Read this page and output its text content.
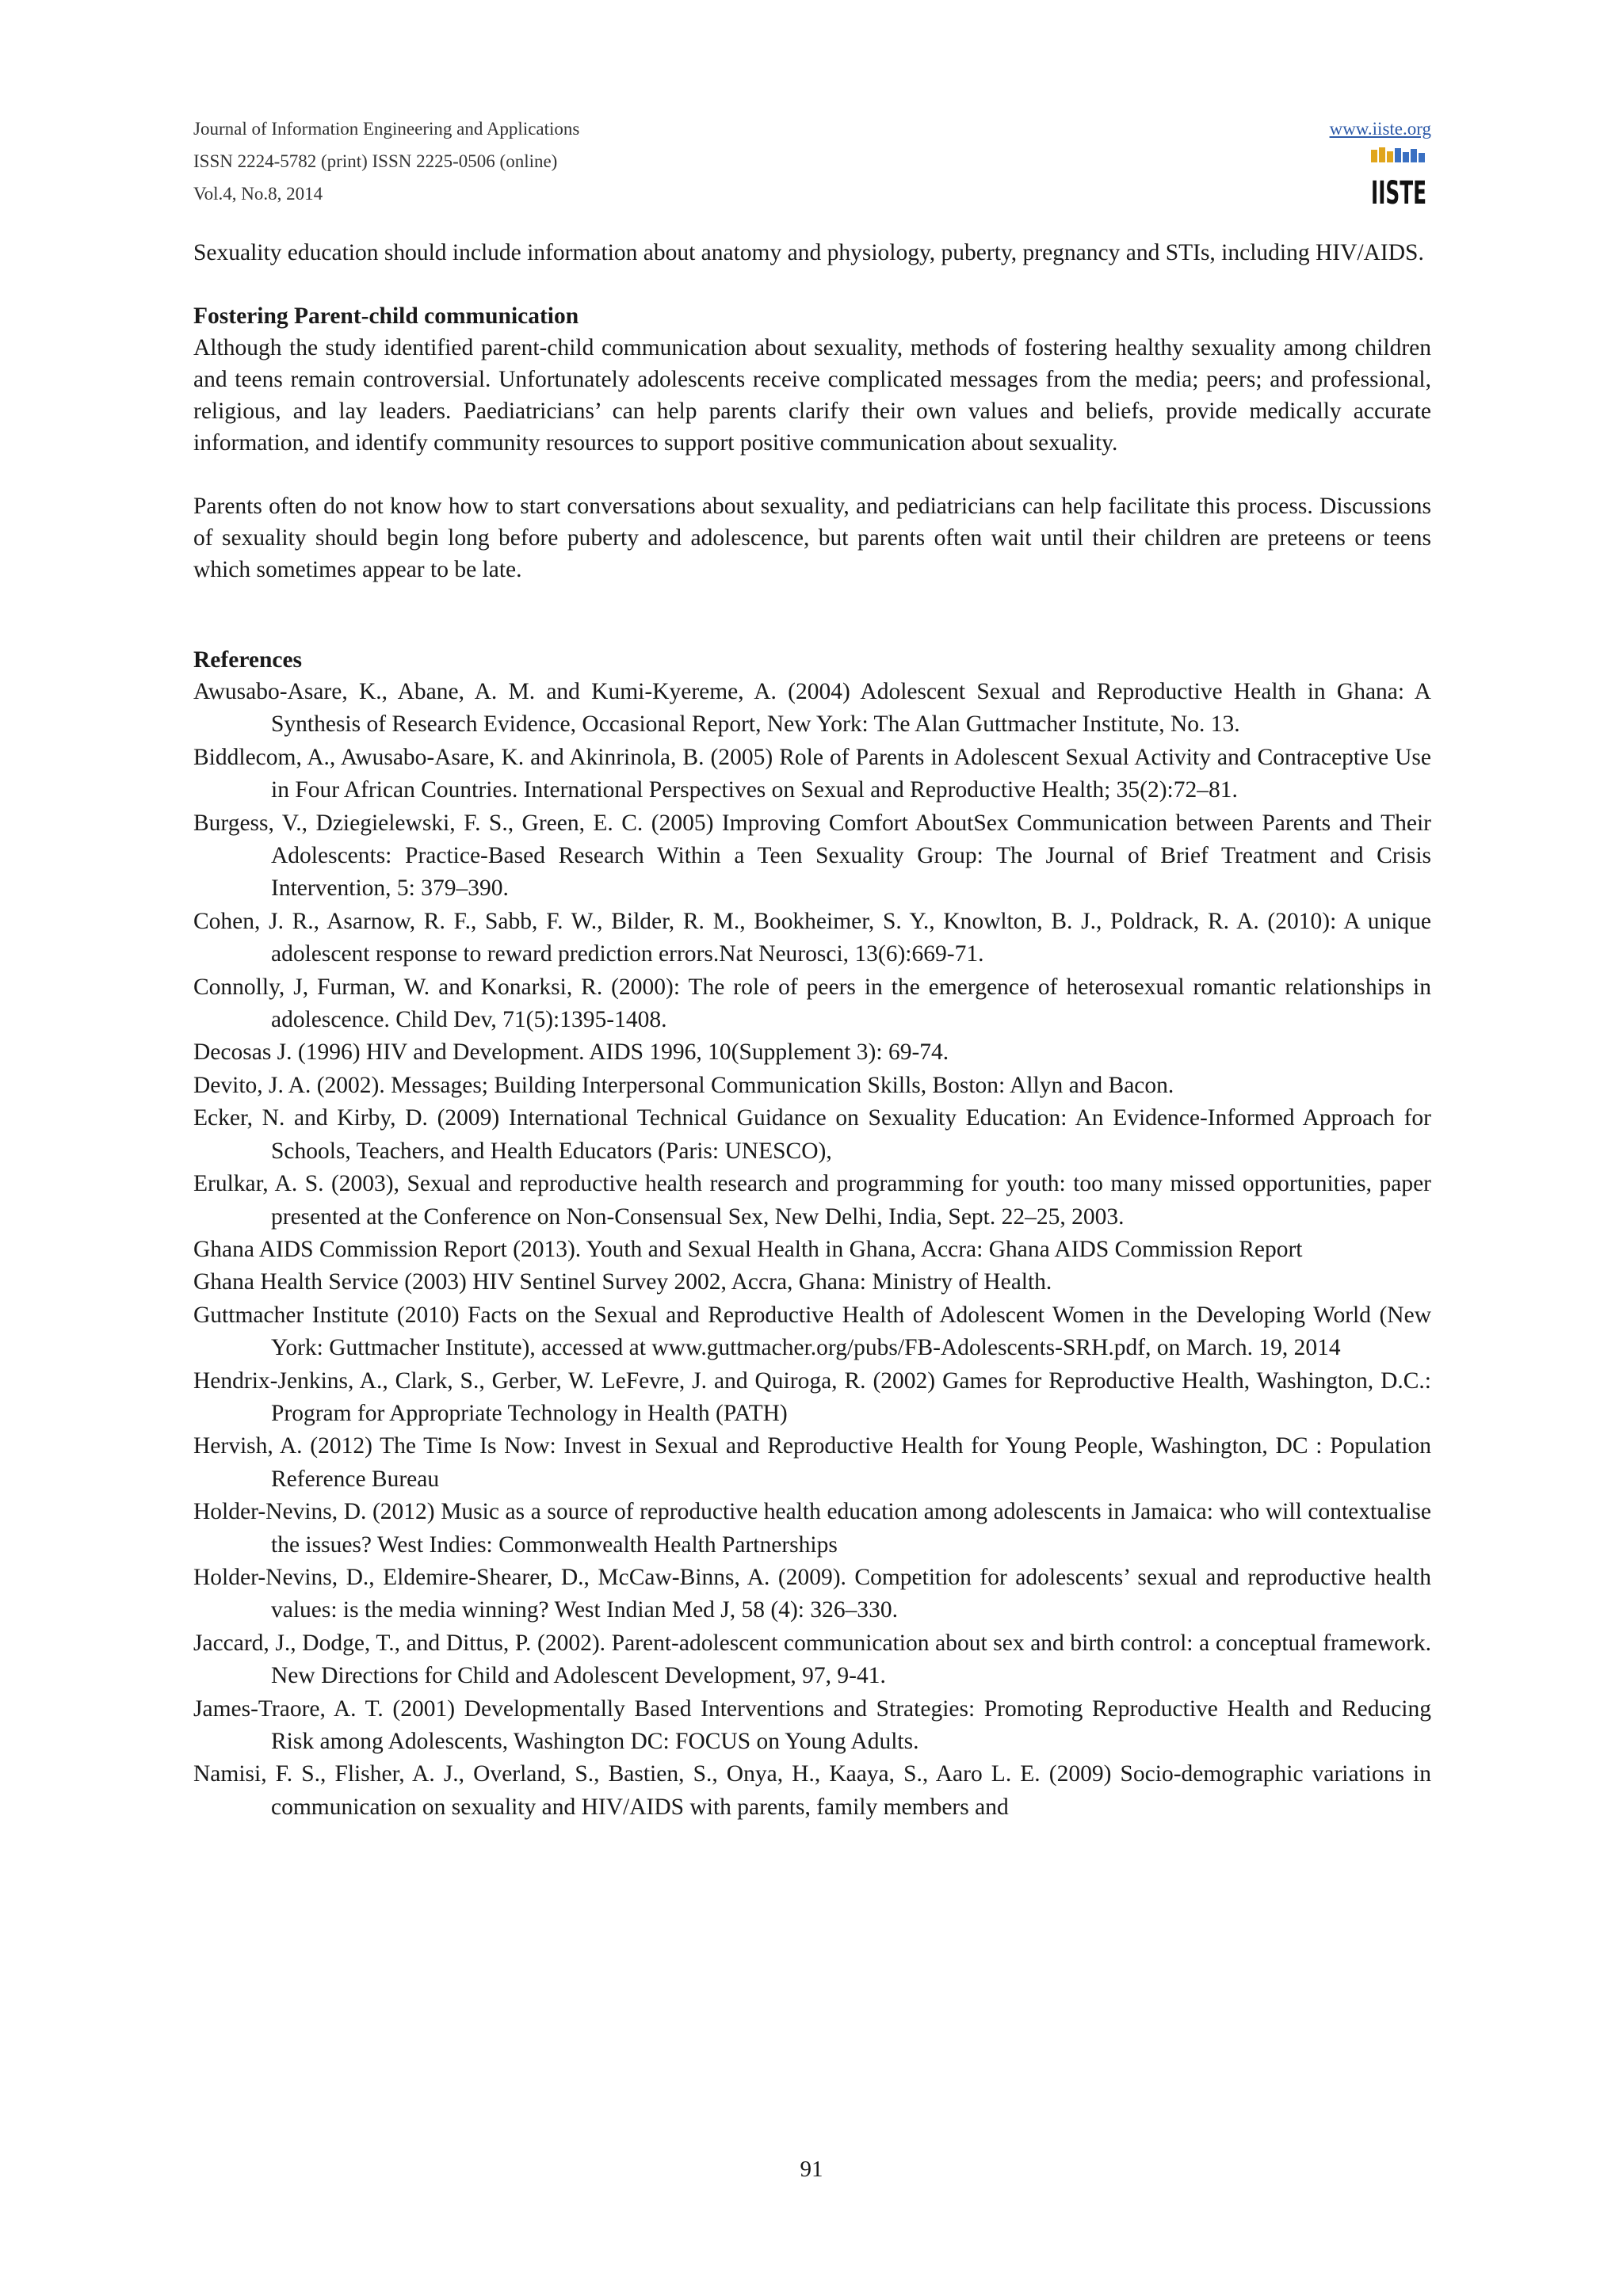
Journal of Information Engineering and Applications
ISSN 2224-5782 (print) ISSN 2225-0506 (online)
Vol.4, No.8, 2014
www.iiste.org
IISTE

Sexuality education should include information about anatomy and physiology, puberty, pregnancy and STIs, including HIV/AIDS.

Fostering Parent-child communication

Although the study identified parent-child communication about sexuality, methods of fostering healthy sexuality among children and teens remain controversial. Unfortunately adolescents receive complicated messages from the media; peers; and professional, religious, and lay leaders. Paediatricians’ can help parents clarify their own values and beliefs, provide medically accurate information, and identify community resources to support positive communication about sexuality.

Parents often do not know how to start conversations about sexuality, and pediatricians can help facilitate this process. Discussions of sexuality should begin long before puberty and adolescence, but parents often wait until their children are preteens or teens which sometimes appear to be late.

References

Awusabo-Asare, K., Abane, A. M. and Kumi-Kyereme, A. (2004) Adolescent Sexual and Reproductive Health in Ghana: A Synthesis of Research Evidence, Occasional Report, New York: The Alan Guttmacher Institute, No. 13.

Biddlecom, A., Awusabo-Asare, K. and Akinrinola, B. (2005) Role of Parents in Adolescent Sexual Activity and Contraceptive Use in Four African Countries. International Perspectives on Sexual and Reproductive Health; 35(2):72–81.

Burgess, V., Dziegielewski, F. S., Green, E. C. (2005) Improving Comfort AboutSex Communication between Parents and Their Adolescents: Practice-Based Research Within a Teen Sexuality Group: The Journal of Brief Treatment and Crisis Intervention, 5: 379–390.

Cohen, J. R., Asarnow, R. F., Sabb, F. W., Bilder, R. M., Bookheimer, S. Y., Knowlton, B. J., Poldrack, R. A. (2010): A unique adolescent response to reward prediction errors.Nat Neurosci, 13(6):669-71.

Connolly, J, Furman, W. and Konarksi, R. (2000): The role of peers in the emergence of heterosexual romantic relationships in adolescence. Child Dev, 71(5):1395-1408.

Decosas J. (1996) HIV and Development. AIDS 1996, 10(Supplement 3): 69-74.

Devito, J. A. (2002). Messages; Building Interpersonal Communication Skills, Boston: Allyn and Bacon.

Ecker, N. and Kirby, D. (2009) International Technical Guidance on Sexuality Education: An Evidence-Informed Approach for Schools, Teachers, and Health Educators (Paris: UNESCO),

Erulkar, A. S. (2003), Sexual and reproductive health research and programming for youth: too many missed opportunities, paper presented at the Conference on Non-Consensual Sex, New Delhi, India, Sept. 22–25, 2003.

Ghana AIDS Commission Report (2013). Youth and Sexual Health in Ghana, Accra: Ghana AIDS Commission Report

Ghana Health Service (2003) HIV Sentinel Survey 2002, Accra, Ghana: Ministry of Health.

Guttmacher Institute (2010) Facts on the Sexual and Reproductive Health of Adolescent Women in the Developing World (New York: Guttmacher Institute), accessed at www.guttmacher.org/pubs/FB-Adolescents-SRH.pdf, on March. 19, 2014

Hendrix-Jenkins, A., Clark, S., Gerber, W. LeFevre, J. and Quiroga, R. (2002) Games for Reproductive Health, Washington, D.C.: Program for Appropriate Technology in Health (PATH)

Hervish, A. (2012) The Time Is Now: Invest in Sexual and Reproductive Health for Young People, Washington, DC : Population Reference Bureau

Holder-Nevins, D. (2012) Music as a source of reproductive health education among adolescents in Jamaica: who will contextualise the issues? West Indies: Commonwealth Health Partnerships

Holder-Nevins, D., Eldemire-Shearer, D., McCaw-Binns, A. (2009). Competition for adolescents’ sexual and reproductive health values: is the media winning? West Indian Med J, 58 (4): 326–330.

Jaccard, J., Dodge, T., and Dittus, P. (2002). Parent-adolescent communication about sex and birth control: a conceptual framework. New Directions for Child and Adolescent Development, 97, 9-41.

James-Traore, A. T. (2001) Developmentally Based Interventions and Strategies: Promoting Reproductive Health and Reducing Risk among Adolescents, Washington DC: FOCUS on Young Adults.

Namisi, F. S., Flisher, A. J., Overland, S., Bastien, S., Onya, H., Kaaya, S., Aaro L. E. (2009) Socio-demographic variations in communication on sexuality and HIV/AIDS with parents, family members and

91
